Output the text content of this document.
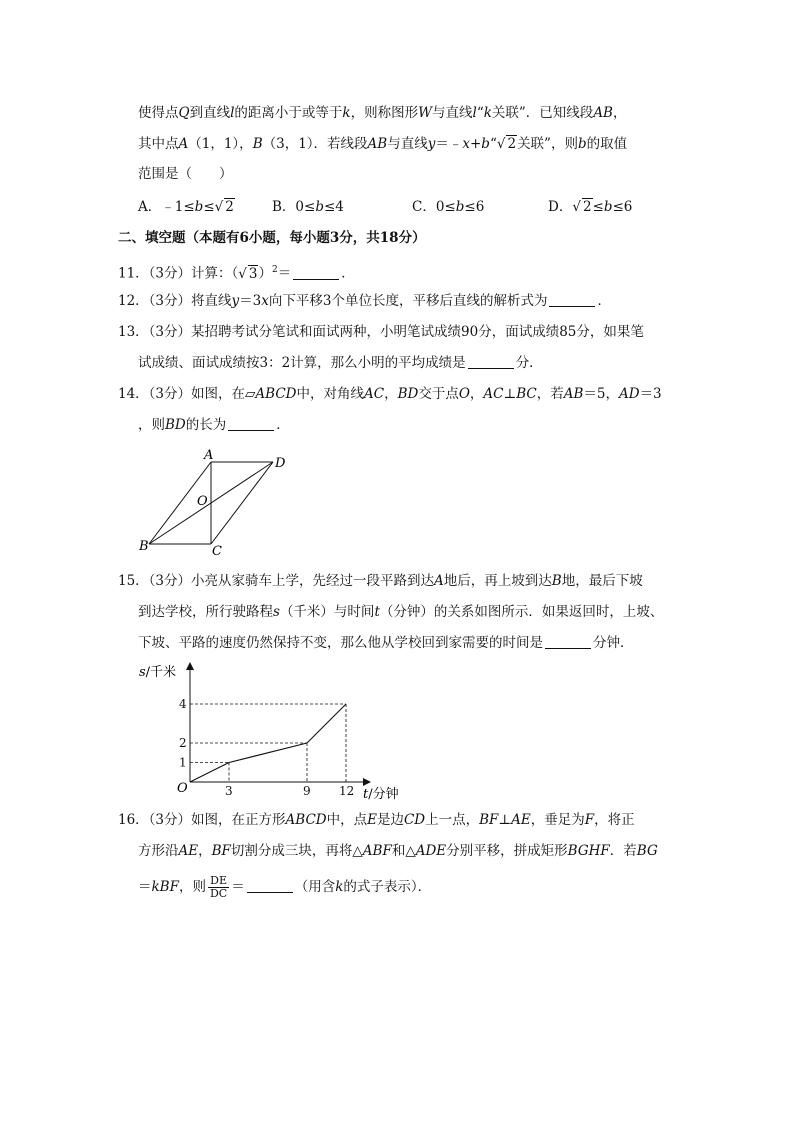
使得点Q到直线l的距离小于或等于k，则称图形W与直线l“k关联”．已知线段AB，
其中点A（1，1），B（3，1）．若线段AB与直线y＝﹣x+b“√ 2关联”，则b的取值
范围是（　　）
A．﹣1≤b≤√ 2	B．0≤b≤4	C．0≤b≤6	D．√ 2≤b≤6
二、填空题（本题有6小题，每小题3分，共18分）
11．（3分）计算：（√ 3）$^2$＝	．
12．（3分）将直线y＝3x向下平移3个单位长度，平移后直线的解析式为	．
13．（3分）某招聘考试分笔试和面试两种，小明笔试成绩90分，面试成绩85分，如果笔
试成绩、面试成绩按3：2计算，那么小明的平均成绩是	分．
14．（3分）如图，在▱ABCD中，对角线AC，BD交于点O，AC⊥BC，若AB＝5，AD＝3
，则BD的长为	．
A
D
O
B	C
15．（3分）小亮从家骑车上学，先经过一段平路到达A地后，再上坡到达B地，最后下坡
到达学校，所行驶路程s（千米）与时间t（分钟）的关系如图所示．如果返回时，上坡、
下坡、平路的速度仍然保持不变，那么他从学校回到家需要的时间是	分钟．
3	9 12
1
2
4
s/千米
t/分钟
O
16．（3分）如图，在正方形ABCD中，点E是边CD上一点，BF⊥AE，垂足为F，将正
方形沿AE，BF切割分成三块，再将△ABF和△ADE分别平移，拼成矩形BGHF．若BG
＝kBF，则 $\frac{DE}{DC}$ ＝	（用含k的式子表示）．
